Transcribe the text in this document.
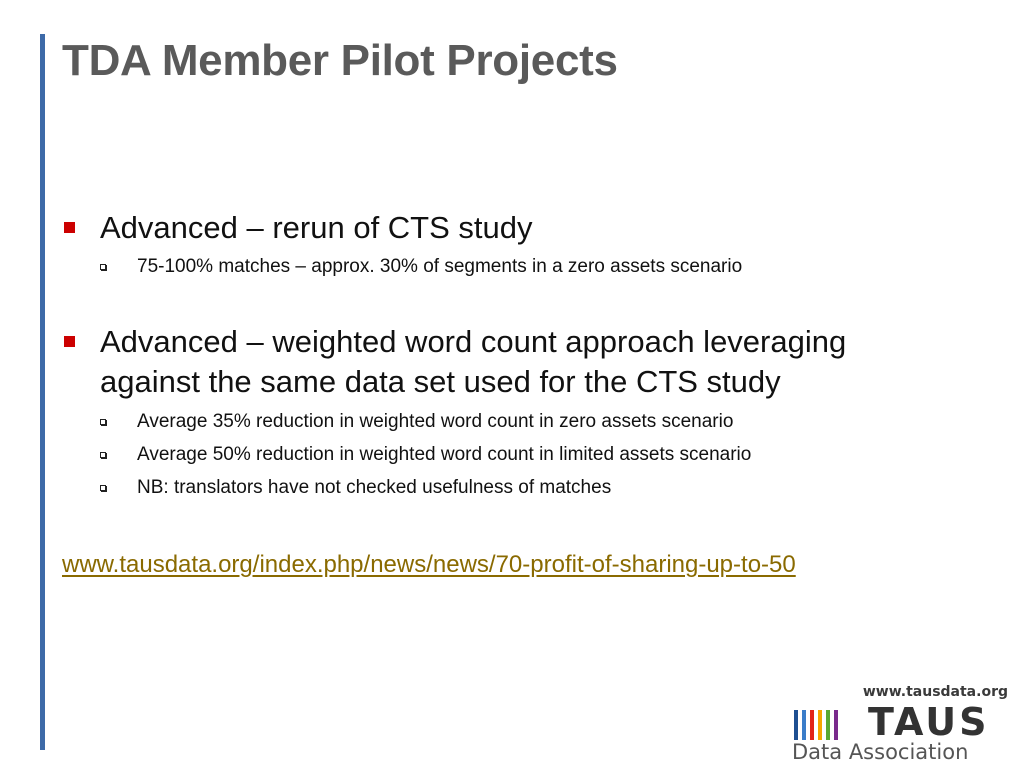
TDA Member Pilot Projects
Advanced – rerun of CTS study
75-100% matches – approx. 30% of segments in a zero assets scenario
Advanced – weighted word count approach leveraging against the same data set used for the CTS study
Average 35% reduction in weighted word count in zero assets scenario
Average 50% reduction in weighted word count in limited assets scenario
NB: translators have not checked usefulness of matches
www.tausdata.org/index.php/news/news/70-profit-of-sharing-up-to-50
www.tausdata.org
TAUS
Data Association
